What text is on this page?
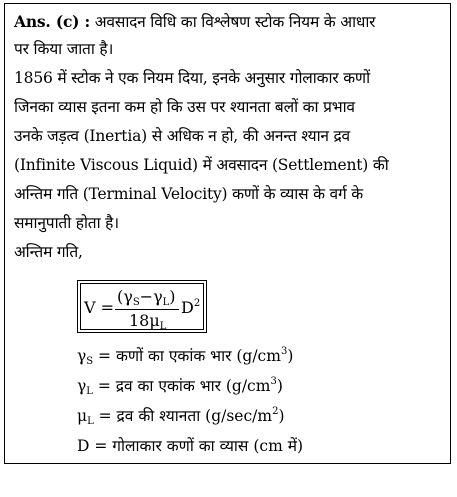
Ans. (c) : अवसादन विधि का विश्लेषण स्टोक नियम के आधार
पर किया जाता है।
1856 में स्टोक ने एक नियम दिया, इनके अनुसार गोलाकार कणों
जिनका व्यास इतना कम हो कि उस पर श्यानता बलों का प्रभाव
उनके जड़त्व (Inertia) से अधिक न हो, की अनन्त श्यान द्रव
(Infinite Viscous Liquid) में अवसादन (Settlement) की
अन्तिम गति (Terminal Velocity) कणों के व्यास के वर्ग के
समानुपाती होता है।
अन्तिम गति,
V =
$(\gamma_S-\gamma_L)$
$D^2$
$18\mu_L$
$\gamma_S$ = कणों का एकांक भार $(g/cm^3)$
$\gamma_L$ = द्रव का एकांक भार $(g/cm^3)$
$\mu_L$ = द्रव की श्यानता $(g/\sec/m^2)$
D = गोलाकार कणों का व्यास (cm में)
